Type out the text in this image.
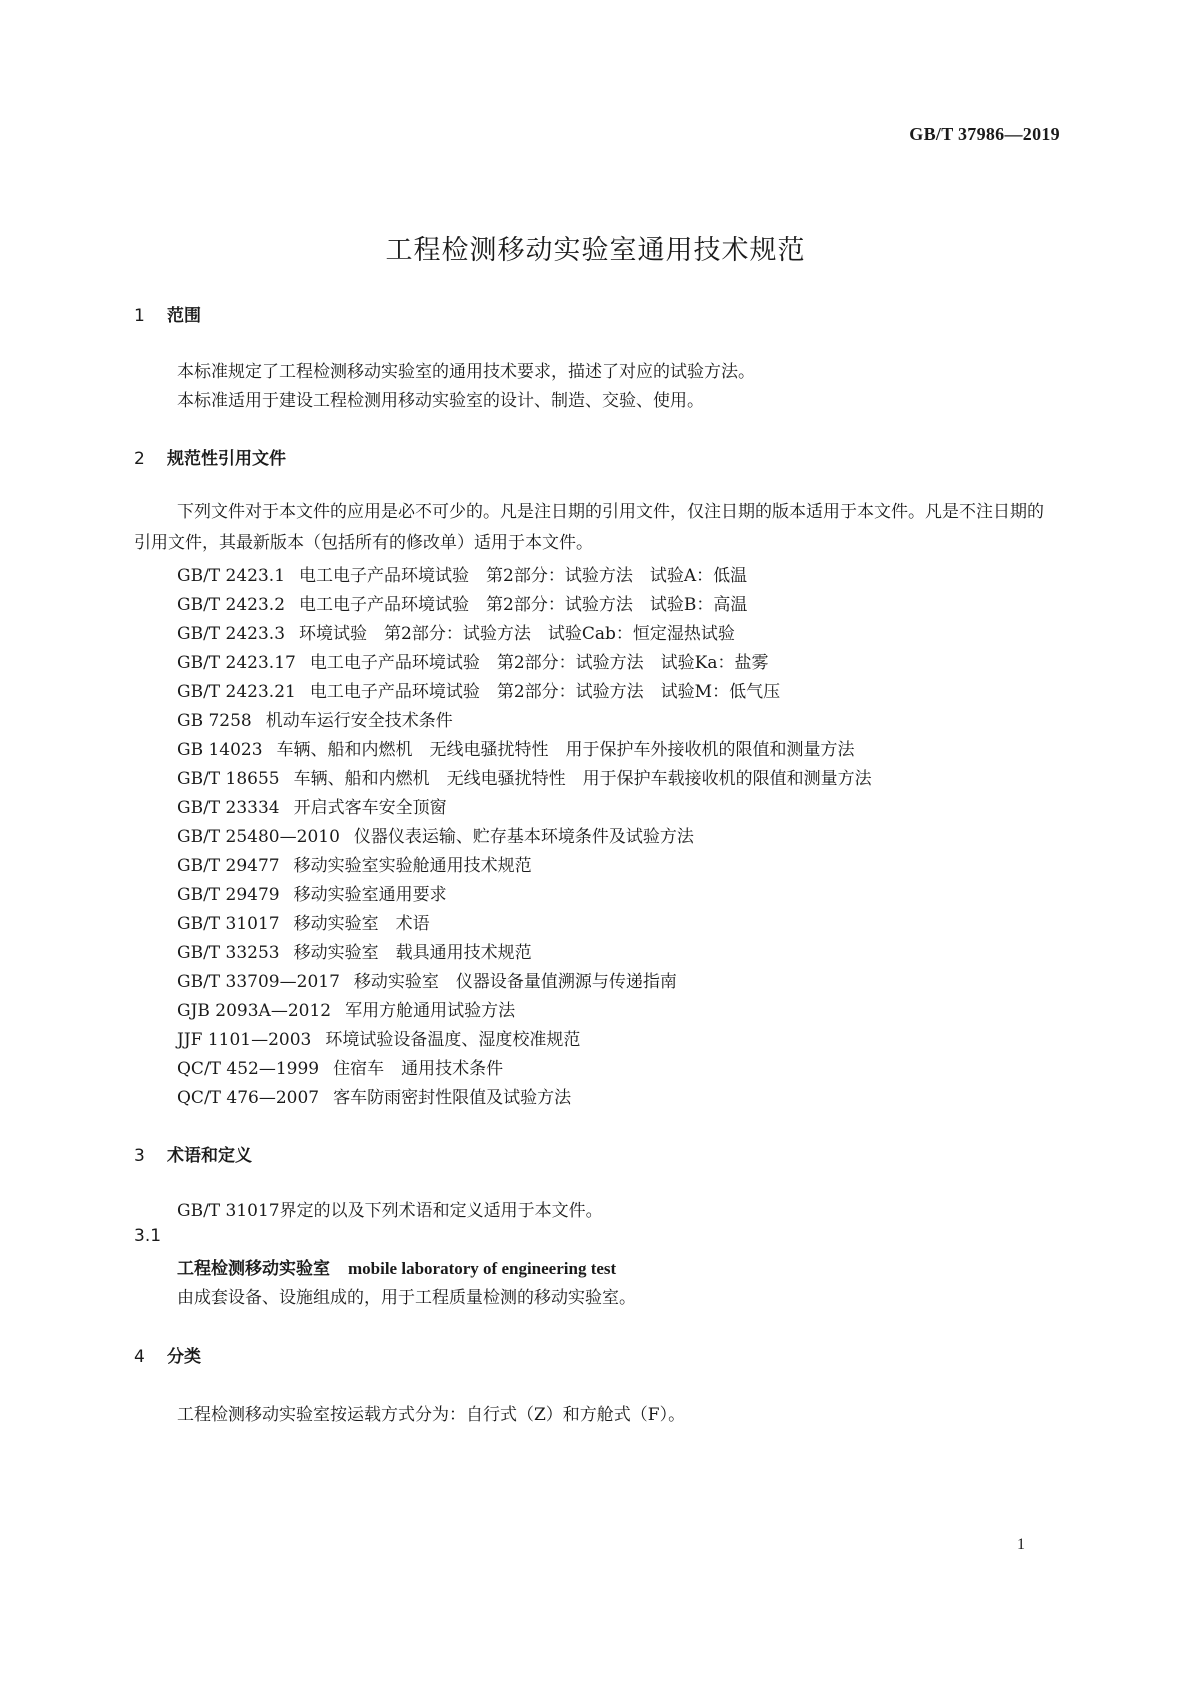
GB/T 37986—2019
工程检测移动实验室通用技术规范
1 范围
本标准规定了工程检测移动实验室的通用技术要求，描述了对应的试验方法。
本标准适用于建设工程检测用移动实验室的设计、制造、交验、使用。
2 规范性引用文件
下列文件对于本文件的应用是必不可少的。凡是注日期的引用文件，仅注日期的版本适用于本文件。凡是不注日期的引用文件，其最新版本（包括所有的修改单）适用于本文件。
GB/T 2423.1 电工电子产品环境试验　第2部分：试验方法　试验A：低温
GB/T 2423.2 电工电子产品环境试验　第2部分：试验方法　试验B：高温
GB/T 2423.3 环境试验　第2部分：试验方法　试验Cab：恒定湿热试验
GB/T 2423.17 电工电子产品环境试验　第2部分：试验方法　试验Ka：盐雾
GB/T 2423.21 电工电子产品环境试验　第2部分：试验方法　试验M：低气压
GB 7258 机动车运行安全技术条件
GB 14023 车辆、船和内燃机　无线电骚扰特性　用于保护车外接收机的限值和测量方法
GB/T 18655 车辆、船和内燃机　无线电骚扰特性　用于保护车载接收机的限值和测量方法
GB/T 23334 开启式客车安全顶窗
GB/T 25480—2010 仪器仪表运输、贮存基本环境条件及试验方法
GB/T 29477 移动实验室实验舱通用技术规范
GB/T 29479 移动实验室通用要求
GB/T 31017 移动实验室　术语
GB/T 33253 移动实验室　载具通用技术规范
GB/T 33709—2017 移动实验室　仪器设备量值溯源与传递指南
GJB 2093A—2012 军用方舱通用试验方法
JJF 1101—2003 环境试验设备温度、湿度校准规范
QC/T 452—1999 住宿车　通用技术条件
QC/T 476—2007 客车防雨密封性限值及试验方法
3 术语和定义
GB/T 31017界定的以及下列术语和定义适用于本文件。
3.1
工程检测移动实验室 mobile laboratory of engineering test
由成套设备、设施组成的，用于工程质量检测的移动实验室。
4 分类
工程检测移动实验室按运载方式分为：自行式（Z）和方舱式（F）。
1
